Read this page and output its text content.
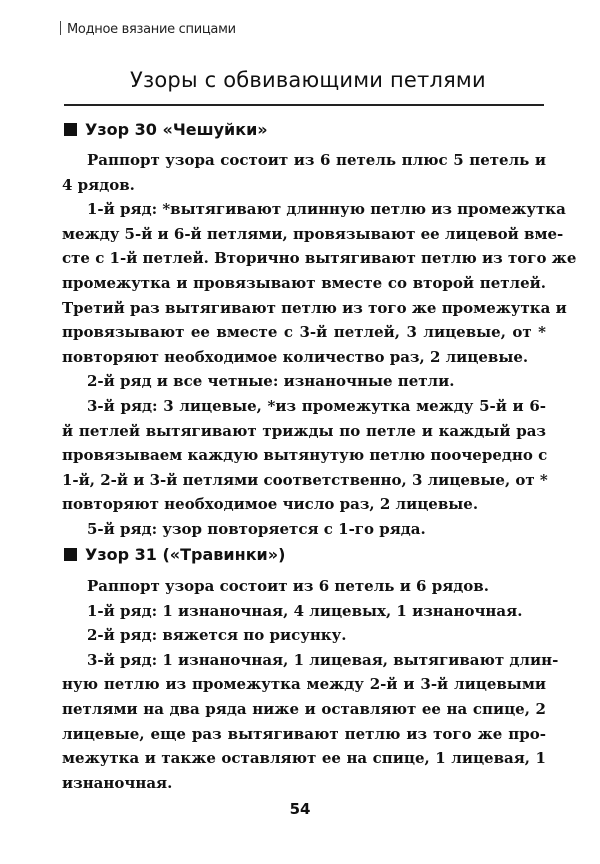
Модное вязание спицами
Узоры с обвивающими петлями
Узор 30 «Чешуйки»
Раппорт узора состоит из 6 петель плюс 5 петель и
4 рядов.
1-й ряд: *вытягивают длинную петлю из промежутка
между 5-й и 6-й петлями, провязывают ее лицевой вме-
сте с 1-й петлей. Вторично вытягивают петлю из того же
промежутка и провязывают вместе со второй петлей.
Третий раз вытягивают петлю из того же промежутка и
провязывают ее вместе с 3-й петлей, 3 лицевые, от *
повторяют необходимое количество раз, 2 лицевые.
2-й ряд и все четные: изнаночные петли.
3-й ряд: 3 лицевые, *из промежутка между 5-й и 6-
й петлей вытягивают трижды по петле и каждый раз
провязываем каждую вытянутую петлю поочередно с
1-й, 2-й и 3-й петлями соответственно, 3 лицевые, от *
повторяют необходимое число раз, 2 лицевые.
5-й ряд: узор повторяется с 1-го ряда.
Узор 31 («Травинки»)
Раппорт узора состоит из 6 петель и 6 рядов.
1-й ряд: 1 изнаночная, 4 лицевых, 1 изнаночная.
2-й ряд: вяжется по рисунку.
3-й ряд: 1 изнаночная, 1 лицевая, вытягивают длин-
ную петлю из промежутка между 2-й и 3-й лицевыми
петлями на два ряда ниже и оставляют ее на спице, 2
лицевые, еще раз вытягивают петлю из того же про-
межутка и также оставляют ее на спице, 1 лицевая, 1
изнаночная.
54
